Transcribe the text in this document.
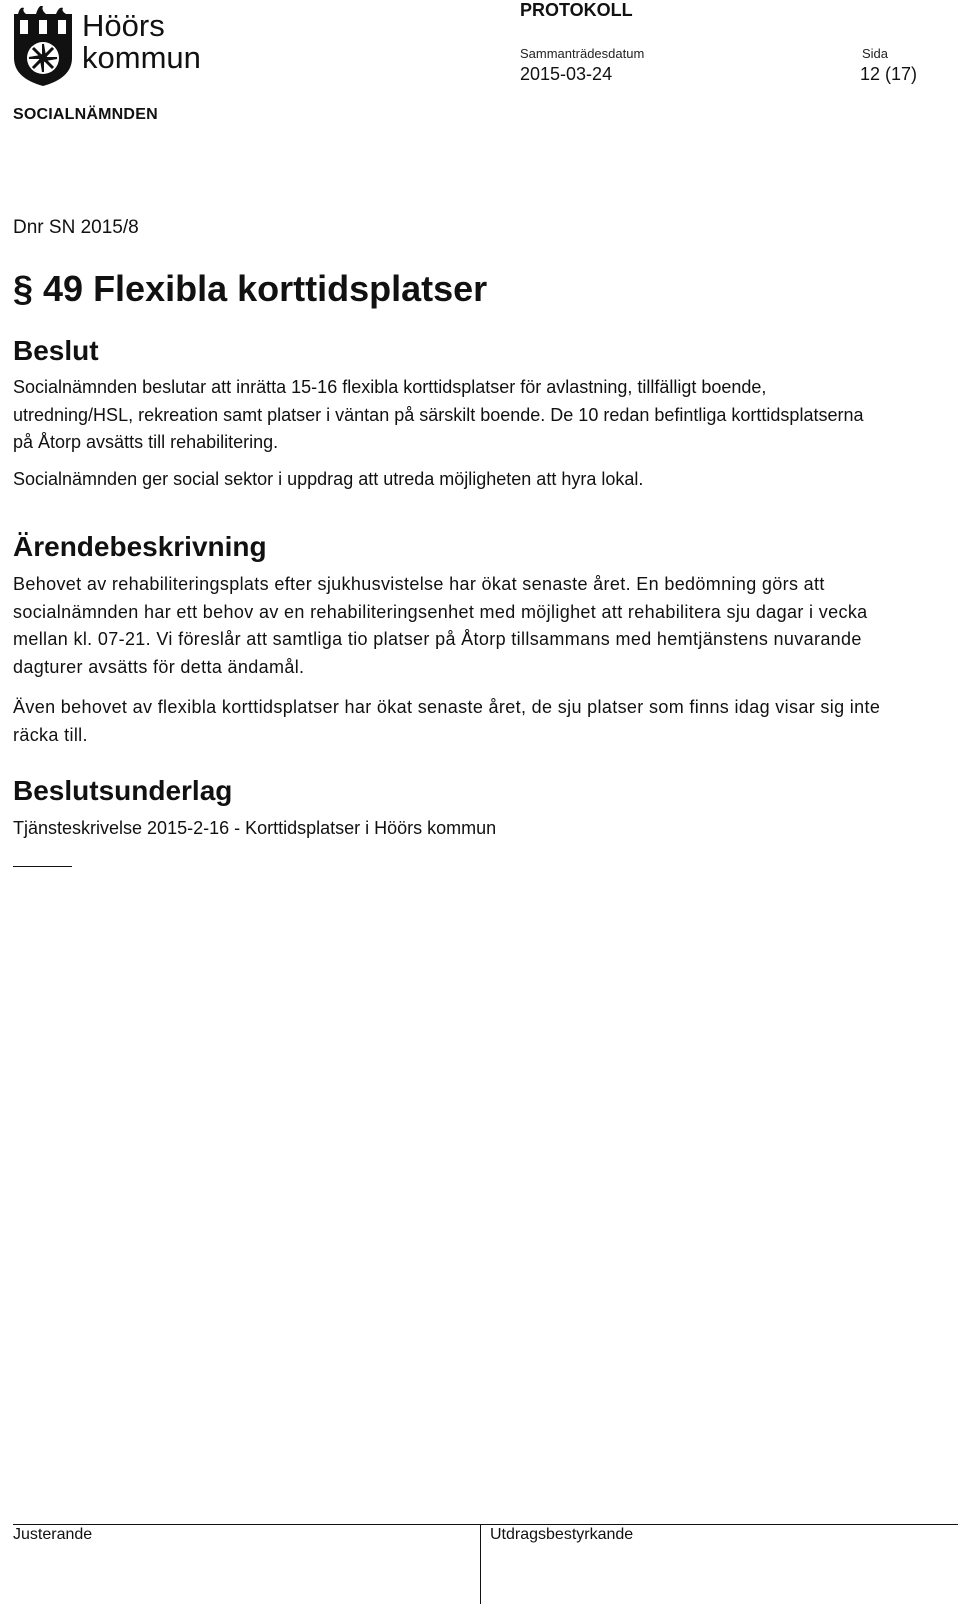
Höörs
kommun
PROTOKOLL
Sammanträdesdatum	Sida
2015-03-24	12 (17)
SOCIALNÄMNDEN
Dnr SN 2015/8
§ 49 Flexibla korttidsplatser
Beslut
Socialnämnden beslutar att inrätta 15-16 flexibla korttidsplatser för avlastning, tillfälligt boende, utredning/HSL, rekreation samt platser i väntan på särskilt boende. De 10 redan befintliga korttidsplatserna på Åtorp avsätts till rehabilitering.
Socialnämnden ger social sektor i uppdrag att utreda möjligheten att hyra lokal.
Ärendebeskrivning
Behovet av rehabiliteringsplats efter sjukhusvistelse har ökat senaste året. En bedömning görs att socialnämnden har ett behov av en rehabiliteringsenhet med möjlighet att rehabilitera sju dagar i vecka mellan kl. 07-21. Vi föreslår att samtliga tio platser på Åtorp tillsammans med hemtjänstens nuvarande dagturer avsätts för detta ändamål.
Även behovet av flexibla korttidsplatser har ökat senaste året, de sju platser som finns idag visar sig inte räcka till.
Beslutsunderlag
Tjänsteskrivelse 2015-2-16 - Korttidsplatser i Höörs kommun
Justerande	Utdragsbestyrkande
